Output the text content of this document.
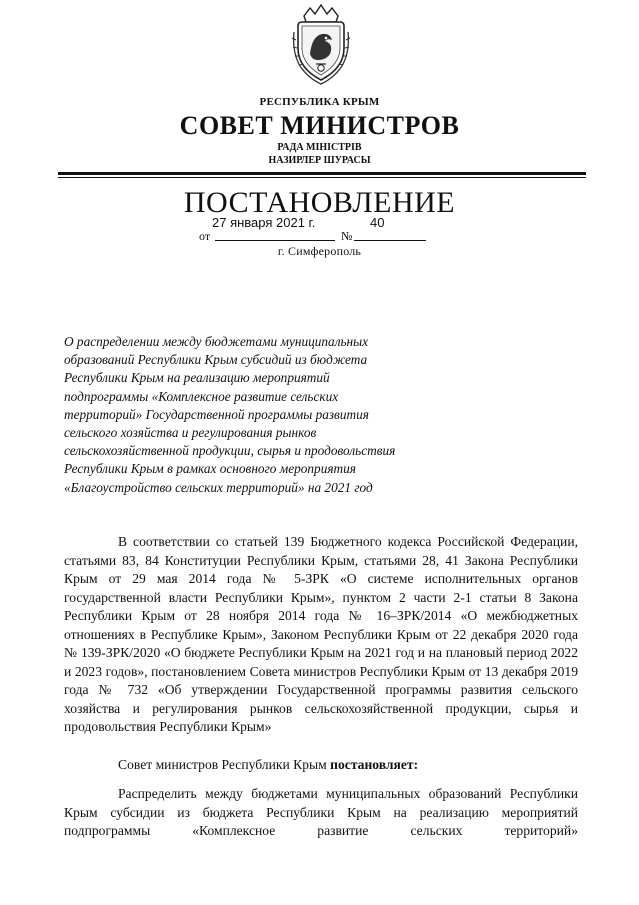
РЕСПУБЛИКА КРЫМ
СОВЕТ МИНИСТРОВ
РАДА МІНІСТРІВ
НАЗИРЛЕР ШУРАСЫ
ПОСТАНОВЛЕНИЕ
27 января 2021 г.	40
от	№
г. Симферополь
О распределении между бюджетами муниципальных
образований Республики Крым субсидий из бюджета
Республики Крым на реализацию мероприятий
подпрограммы «Комплексное развитие сельских
территорий» Государственной программы развития
сельского хозяйства и регулирования рынков
сельскохозяйственной продукции, сырья и продовольствия
Республики Крым в рамках основного мероприятия
«Благоустройство сельских территорий» на 2021 год
В соответствии со статьей 139 Бюджетного кодекса Российской Федерации, статьями 83, 84 Конституции Республики Крым, статьями 28, 41 Закона Республики Крым от 29 мая 2014 года № 5-ЗРК «О системе исполнительных органов государственной власти Республики Крым», пунктом 2 части 2-1 статьи 8 Закона Республики Крым от 28 ноября 2014 года № 16–ЗРК/2014 «О межбюджетных отношениях в Республике Крым», Законом Республики Крым от 22 декабря 2020 года № 139-ЗРК/2020 «О бюджете Республики Крым на 2021 год и на плановый период 2022 и 2023 годов», постановлением Совета министров Республики Крым от 13 декабря 2019 года № 732 «Об утверждении Государственной программы развития сельского хозяйства и регулирования рынков сельскохозяйственной продукции, сырья и продовольствия Республики Крым»
Совет министров Республики Крым постановляет:
Распределить между бюджетами муниципальных образований Республики Крым субсидии из бюджета Республики Крым на реализацию мероприятий подпрограммы «Комплексное развитие сельских территорий»
